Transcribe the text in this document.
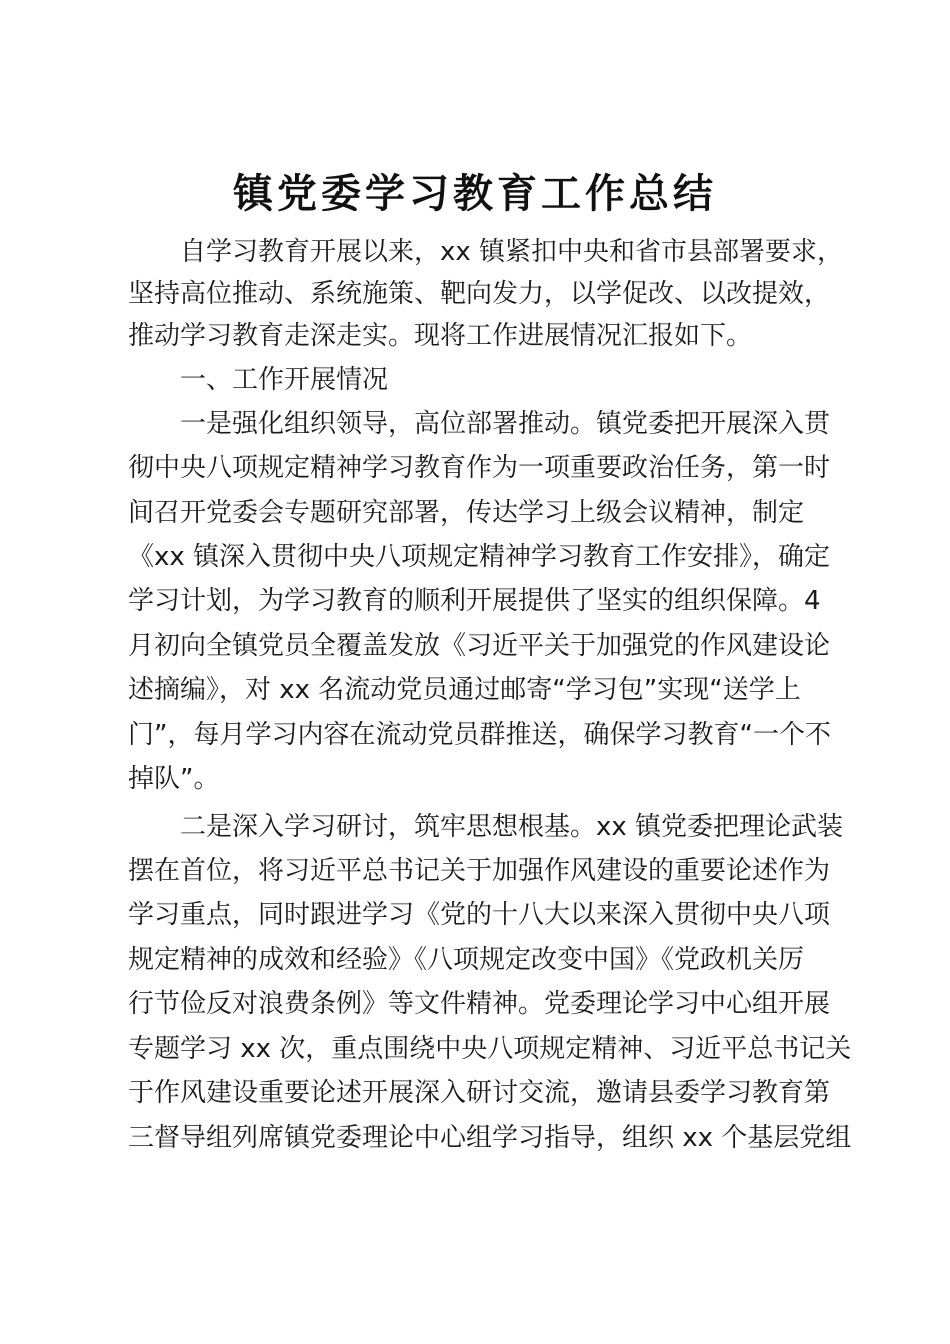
镇党委学习教育工作总结

自学习教育开展以来，xx 镇紧扣中央和省市县部署要求，

坚持高位推动、系统施策、靶向发力，以学促改、以改提效，

推动学习教育走深走实。现将工作进展情况汇报如下。

一、工作开展情况

一是强化组织领导，高位部署推动。镇党委把开展深入贯

彻中央八项规定精神学习教育作为一项重要政治任务，第一时

间召开党委会专题研究部署，传达学习上级会议精神，制定

《xx 镇深入贯彻中央八项规定精神学习教育工作安排》，确定

学习计划，为学习教育的顺利开展提供了坚实的组织保障。4

月初向全镇党员全覆盖发放《习近平关于加强党的作风建设论

述摘编》，对 xx 名流动党员通过邮寄“学习包”实现“送学上

门”，每月学习内容在流动党员群推送，确保学习教育“一个不

掉队”。

二是深入学习研讨，筑牢思想根基。xx 镇党委把理论武装

摆在首位，将习近平总书记关于加强作风建设的重要论述作为

学习重点，同时跟进学习《党的十八大以来深入贯彻中央八项

规定精神的成效和经验》《八项规定改变中国》《党政机关厉

行节俭反对浪费条例》等文件精神。党委理论学习中心组开展

专题学习 xx 次，重点围绕中央八项规定精神、习近平总书记关

于作风建设重要论述开展深入研讨交流，邀请县委学习教育第

三督导组列席镇党委理论中心组学习指导，组织 xx 个基层党组
